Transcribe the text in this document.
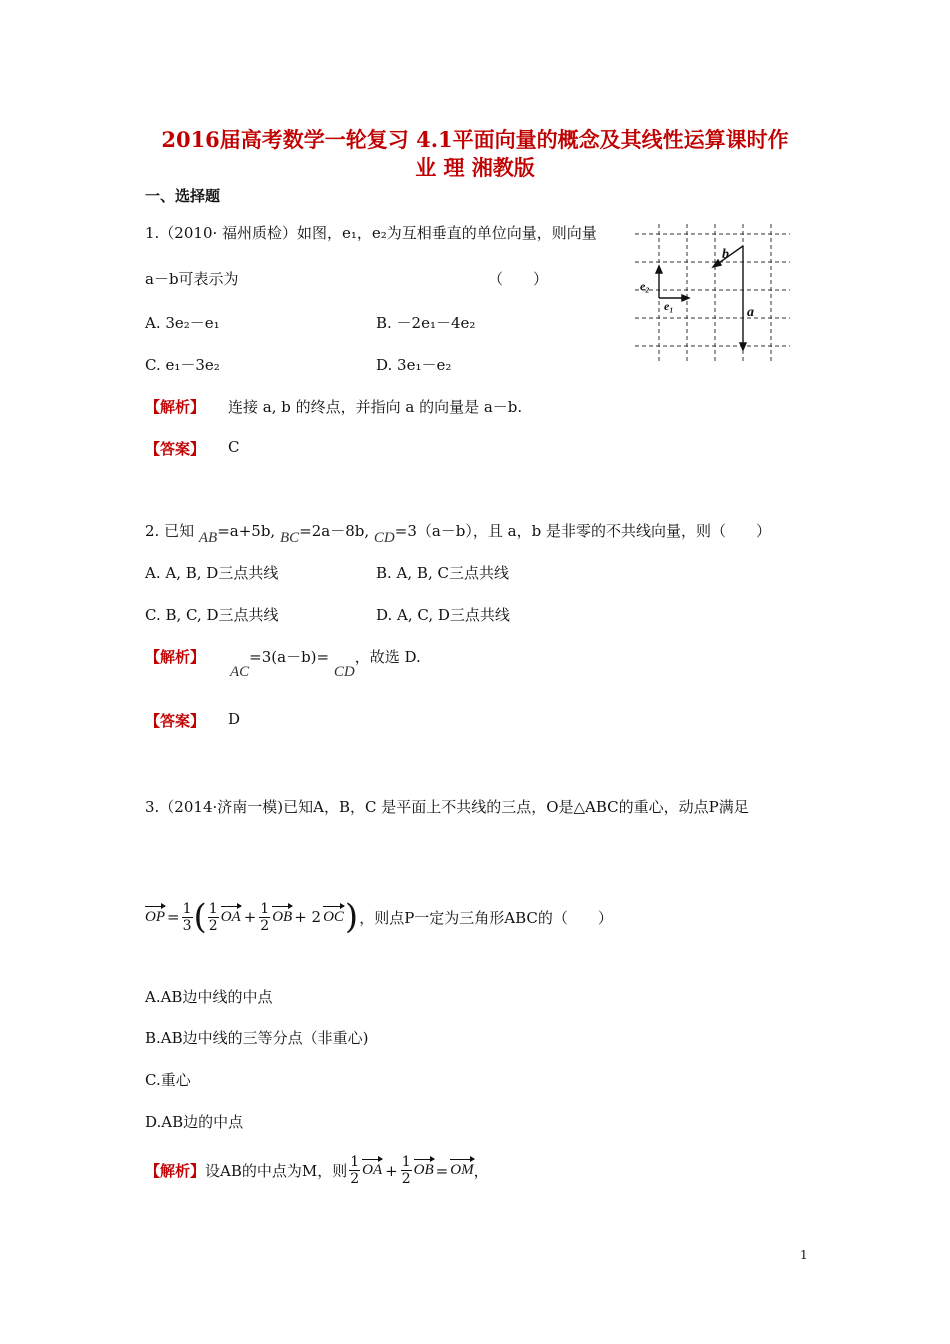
2016届高考数学一轮复习 4.1平面向量的概念及其线性运算课时作
业 理 湘教版
一、选择题
1.（2010· 福州质检）如图，e₁，e₂为互相垂直的单位向量，则向量
a－b可表示为	（　　）
A. 3e₂－e₁	B. －2e₁－4e₂
C. e₁－3e₂	D. 3e₁－e₂
b
a
e₂
e₁
【解析】 连接 a, b 的终点，并指向 a 的向量是 a－b.
【答案】 C
2. 已知 AB=a+5b, BC=2a－8b, CD=3（a－b），且 a，b 是非零的不共线向量，则（　　）
A. A, B, D三点共线	B. A, B, C三点共线
C. B, C, D三点共线	D. A, C, D三点共线
【解析】
AC=3(a－b)= CD，故选 D.
【答案】 D
3.（2014·济南一模)已知A，B，C 是平面上不共线的三点，O是△ABC的重心，动点P满足
OP = $\frac{1}{3}$ ( $\frac{1}{2}$ OA + $\frac{1}{2}$ OB + 2 OC ) ，则点P一定为三角形ABC的（　　）
A.AB边中线的中点
B.AB边中线的三等分点（非重心)
C.重心
D.AB边的中点
【解析】 设AB的中点为M，则 $\frac{1}{2}$ OA + $\frac{1}{2}$ OB = OM ，
1
